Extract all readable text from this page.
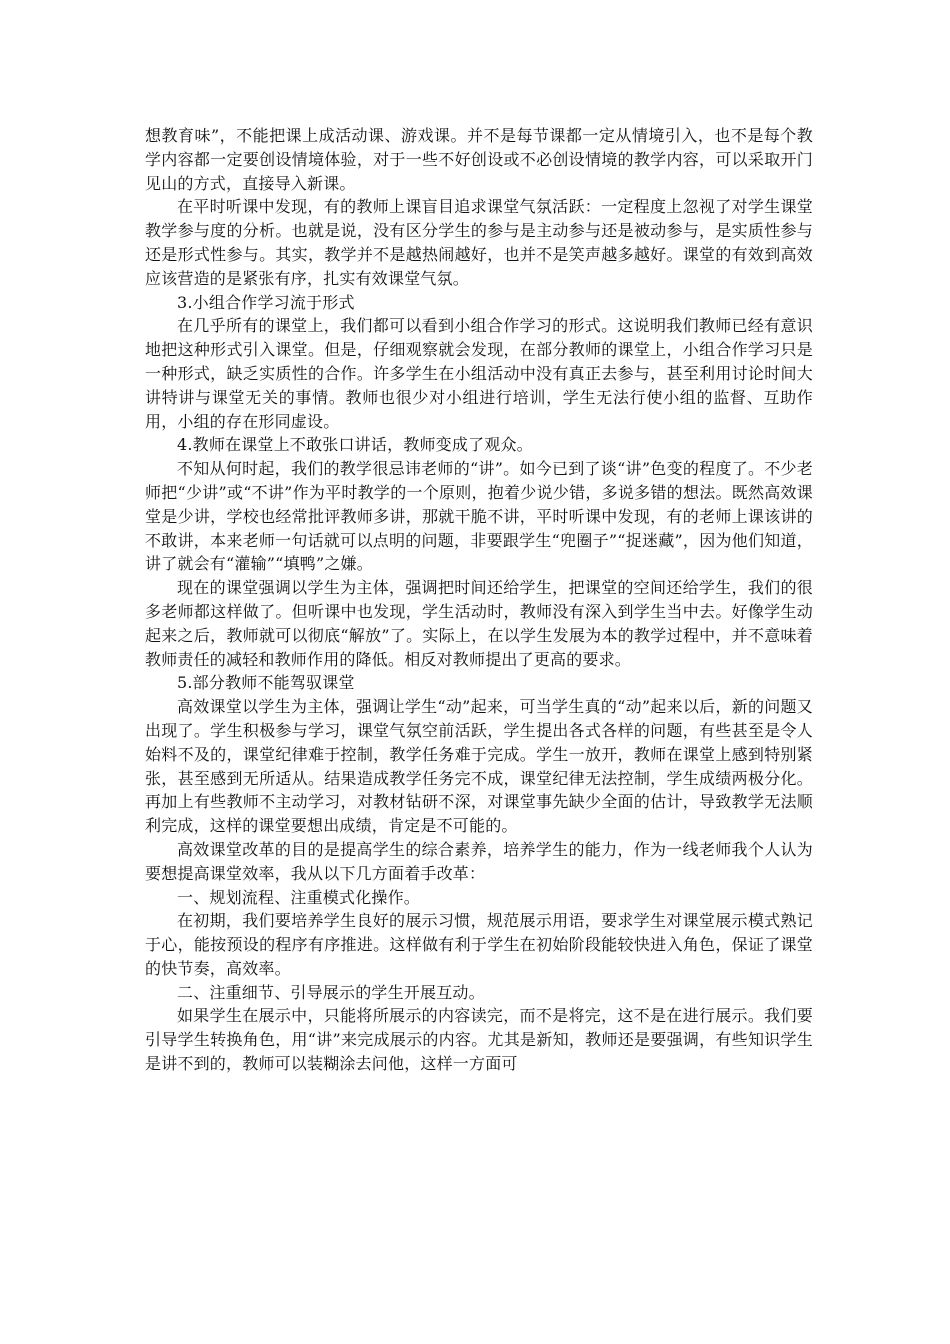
想教育味”，不能把课上成活动课、游戏课。并不是每节课都一定从情境引入，也不是每个教学内容都一定要创设情境体验，对于一些不好创设或不必创设情境的教学内容，可以采取开门见山的方式，直接导入新课。

在平时听课中发现，有的教师上课盲目追求课堂气氛活跃：一定程度上忽视了对学生课堂教学参与度的分析。也就是说，没有区分学生的参与是主动参与还是被动参与，是实质性参与还是形式性参与。其实，教学并不是越热闹越好，也并不是笑声越多越好。课堂的有效到高效应该营造的是紧张有序，扎实有效课堂气氛。

3.小组合作学习流于形式

在几乎所有的课堂上，我们都可以看到小组合作学习的形式。这说明我们教师已经有意识地把这种形式引入课堂。但是，仔细观察就会发现，在部分教师的课堂上，小组合作学习只是一种形式，缺乏实质性的合作。许多学生在小组活动中没有真正去参与，甚至利用讨论时间大讲特讲与课堂无关的事情。教师也很少对小组进行培训，学生无法行使小组的监督、互助作用，小组的存在形同虚设。

4.教师在课堂上不敢张口讲话，教师变成了观众。

不知从何时起，我们的教学很忌讳老师的“讲”。如今已到了谈“讲”色变的程度了。不少老师把“少讲”或“不讲”作为平时教学的一个原则，抱着少说少错，多说多错的想法。既然高效课堂是少讲，学校也经常批评教师多讲，那就干脆不讲，平时听课中发现，有的老师上课该讲的不敢讲，本来老师一句话就可以点明的问题，非要跟学生“兜圈子”“捉迷藏”，因为他们知道，讲了就会有“灌输”“填鸭”之嫌。

现在的课堂强调以学生为主体，强调把时间还给学生，把课堂的空间还给学生，我们的很多老师都这样做了。但听课中也发现，学生活动时，教师没有深入到学生当中去。好像学生动起来之后，教师就可以彻底“解放”了。实际上，在以学生发展为本的教学过程中，并不意味着教师责任的减轻和教师作用的降低。相反对教师提出了更高的要求。

5.部分教师不能驾驭课堂

高效课堂以学生为主体，强调让学生“动”起来，可当学生真的“动”起来以后，新的问题又出现了。学生积极参与学习，课堂气氛空前活跃，学生提出各式各样的问题，有些甚至是令人始料不及的，课堂纪律难于控制，教学任务难于完成。学生一放开，教师在课堂上感到特别紧张，甚至感到无所适从。结果造成教学任务完不成，课堂纪律无法控制，学生成绩两极分化。再加上有些教师不主动学习，对教材钻研不深，对课堂事先缺少全面的估计，导致教学无法顺利完成，这样的课堂要想出成绩，肯定是不可能的。

高效课堂改革的目的是提高学生的综合素养，培养学生的能力，作为一线老师我个人认为要想提高课堂效率，我从以下几方面着手改革：

一、规划流程、注重模式化操作。

在初期，我们要培养学生良好的展示习惯，规范展示用语，要求学生对课堂展示模式熟记于心，能按预设的程序有序推进。这样做有利于学生在初始阶段能较快进入角色，保证了课堂的快节奏，高效率。

二、注重细节、引导展示的学生开展互动。

如果学生在展示中，只能将所展示的内容读完，而不是将完，这不是在进行展示。我们要引导学生转换角色，用“讲”来完成展示的内容。尤其是新知，教师还是要强调，有些知识学生是讲不到的，教师可以装糊涂去问他，这样一方面可
